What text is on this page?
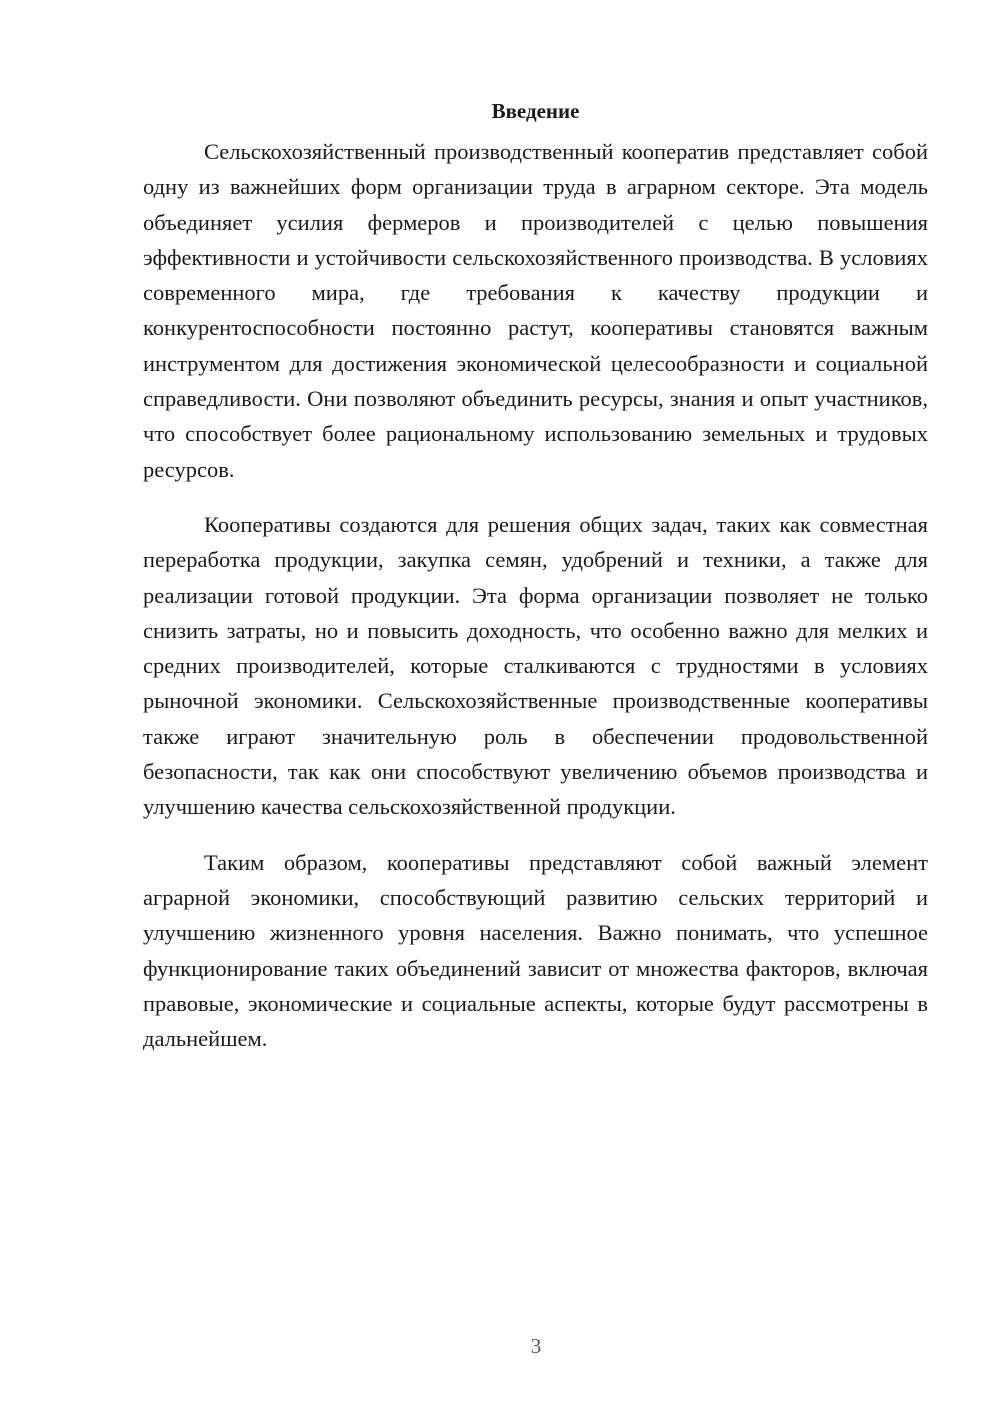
Введение

Сельскохозяйственный производственный кооператив представляет собой одну из важнейших форм организации труда в аграрном секторе. Эта модель объединяет усилия фермеров и производителей с целью повышения эффективности и устойчивости сельскохозяйственного производства. В условиях современного мира, где требования к качеству продукции и конкурентоспособности постоянно растут, кооперативы становятся важным инструментом для достижения экономической целесообразности и социальной справедливости. Они позволяют объединить ресурсы, знания и опыт участников, что способствует более рациональному использованию земельных и трудовых ресурсов.

Кооперативы создаются для решения общих задач, таких как совместная переработка продукции, закупка семян, удобрений и техники, а также для реализации готовой продукции. Эта форма организации позволяет не только снизить затраты, но и повысить доходность, что особенно важно для мелких и средних производителей, которые сталкиваются с трудностями в условиях рыночной экономики. Сельскохозяйственные производственные кооперативы также играют значительную роль в обеспечении продовольственной безопасности, так как они способствуют увеличению объемов производства и улучшению качества сельскохозяйственной продукции.

Таким образом, кооперативы представляют собой важный элемент аграрной экономики, способствующий развитию сельских территорий и улучшению жизненного уровня населения. Важно понимать, что успешное функционирование таких объединений зависит от множества факторов, включая правовые, экономические и социальные аспекты, которые будут рассмотрены в дальнейшем.

3
